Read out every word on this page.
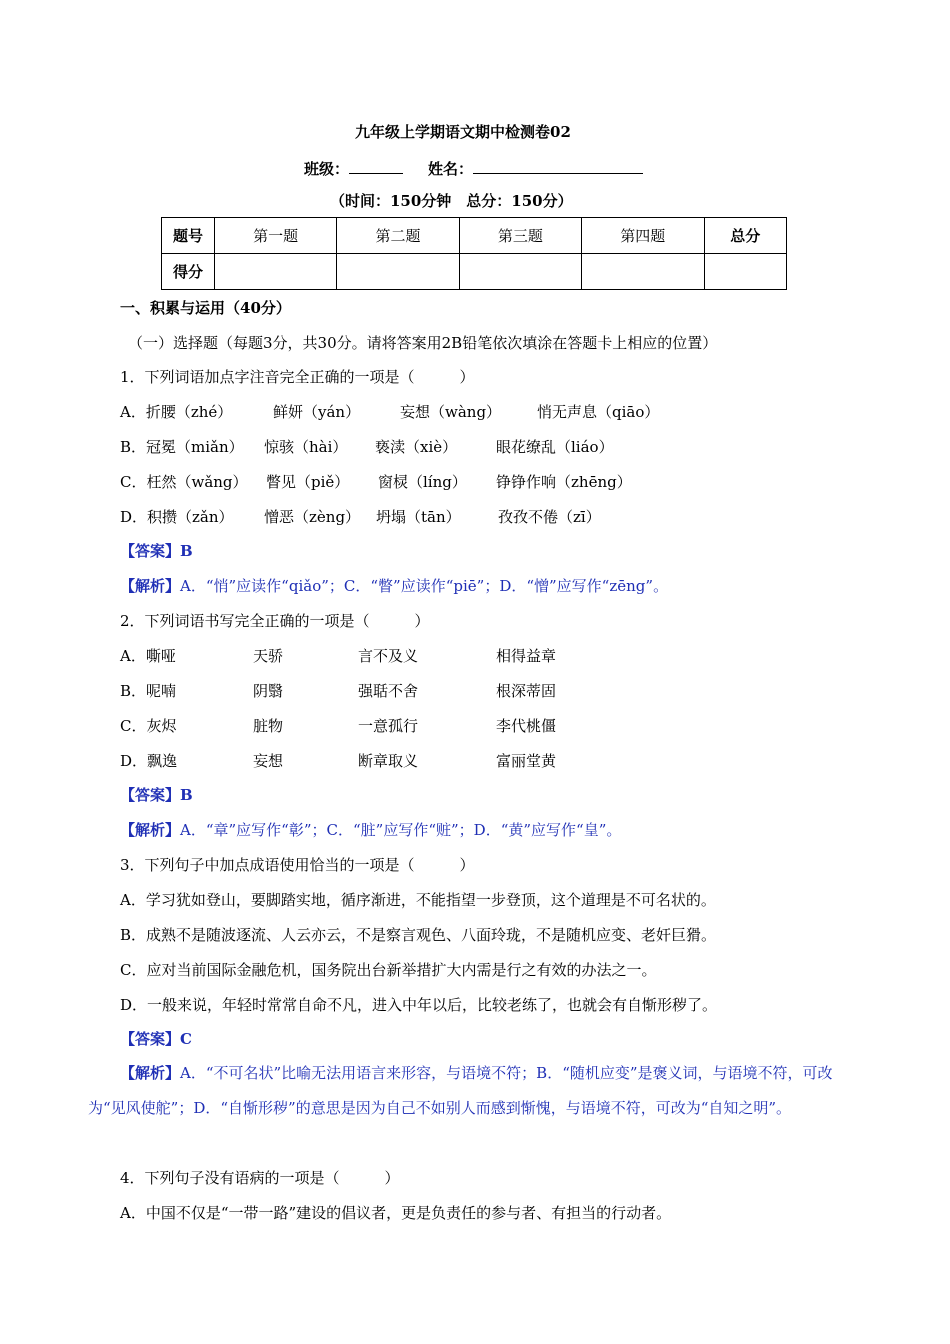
九年级上学期语文期中检测卷02
班级：	姓名：
（时间：150分钟　总分：150分）
题号	第一题	第二题	第三题	第四题	总分
得分					
一、积累与运用（40分）
（一）选择题（每题3分，共30分。请将答案用2B铅笔依次填涂在答题卡上相应的位置）
1．下列词语加点字注音完全正确的一项是（　　　）
A．折腰（zhé）	鲜妍（yán）	妄想（wàng） 悄无声息（qiāo）
B．冠冕（miǎn） 惊骇（hài） 亵渎（xiè）	眼花缭乱（liáo）
C．枉然（wǎng） 瞥见（piě） 窗棂（líng） 铮铮作响（zhēng）
D．积攒（zǎn） 憎恶（zèng） 坍塌（tān） 孜孜不倦（zī）
【答案】B
【解析】A．“悄”应读作“qiǎo”；C．“瞥”应读作“piē”；D．“憎”应写作“zēng”。
2．下列词语书写完全正确的一项是（　　　）
A．嘶哑	天骄	言不及义	相得益章
B．呢喃	阴翳	强聒不舍	根深蒂固
C．灰烬	脏物	一意孤行	李代桃僵
D．飘逸	妄想	断章取义	富丽堂黄
【答案】B
【解析】A．“章”应写作“彰”；C．“脏”应写作“赃”；D．“黄”应写作“皇”。
3．下列句子中加点成语使用恰当的一项是（　　　）
A．学习犹如登山，要脚踏实地，循序渐进，不能指望一步登顶，这个道理是不可名状的。
B．成熟不是随波逐流、人云亦云，不是察言观色、八面玲珑，不是随机应变、老奸巨猾。
C．应对当前国际金融危机，国务院出台新举措扩大内需是行之有效的办法之一。
D．一般来说，年轻时常常自命不凡，进入中年以后，比较老练了，也就会有自惭形秽了。
【答案】C
【解析】A．“不可名状”比喻无法用语言来形容，与语境不符；B．“随机应变”是褒义词，与语境不符，可改为“见风使舵”；D．“自惭形秽”的意思是因为自己不如别人而感到惭愧，与语境不符，可改为“自知之明”。
4．下列句子没有语病的一项是（　　　）
A．中国不仅是“一带一路”建设的倡议者，更是负责任的参与者、有担当的行动者。
